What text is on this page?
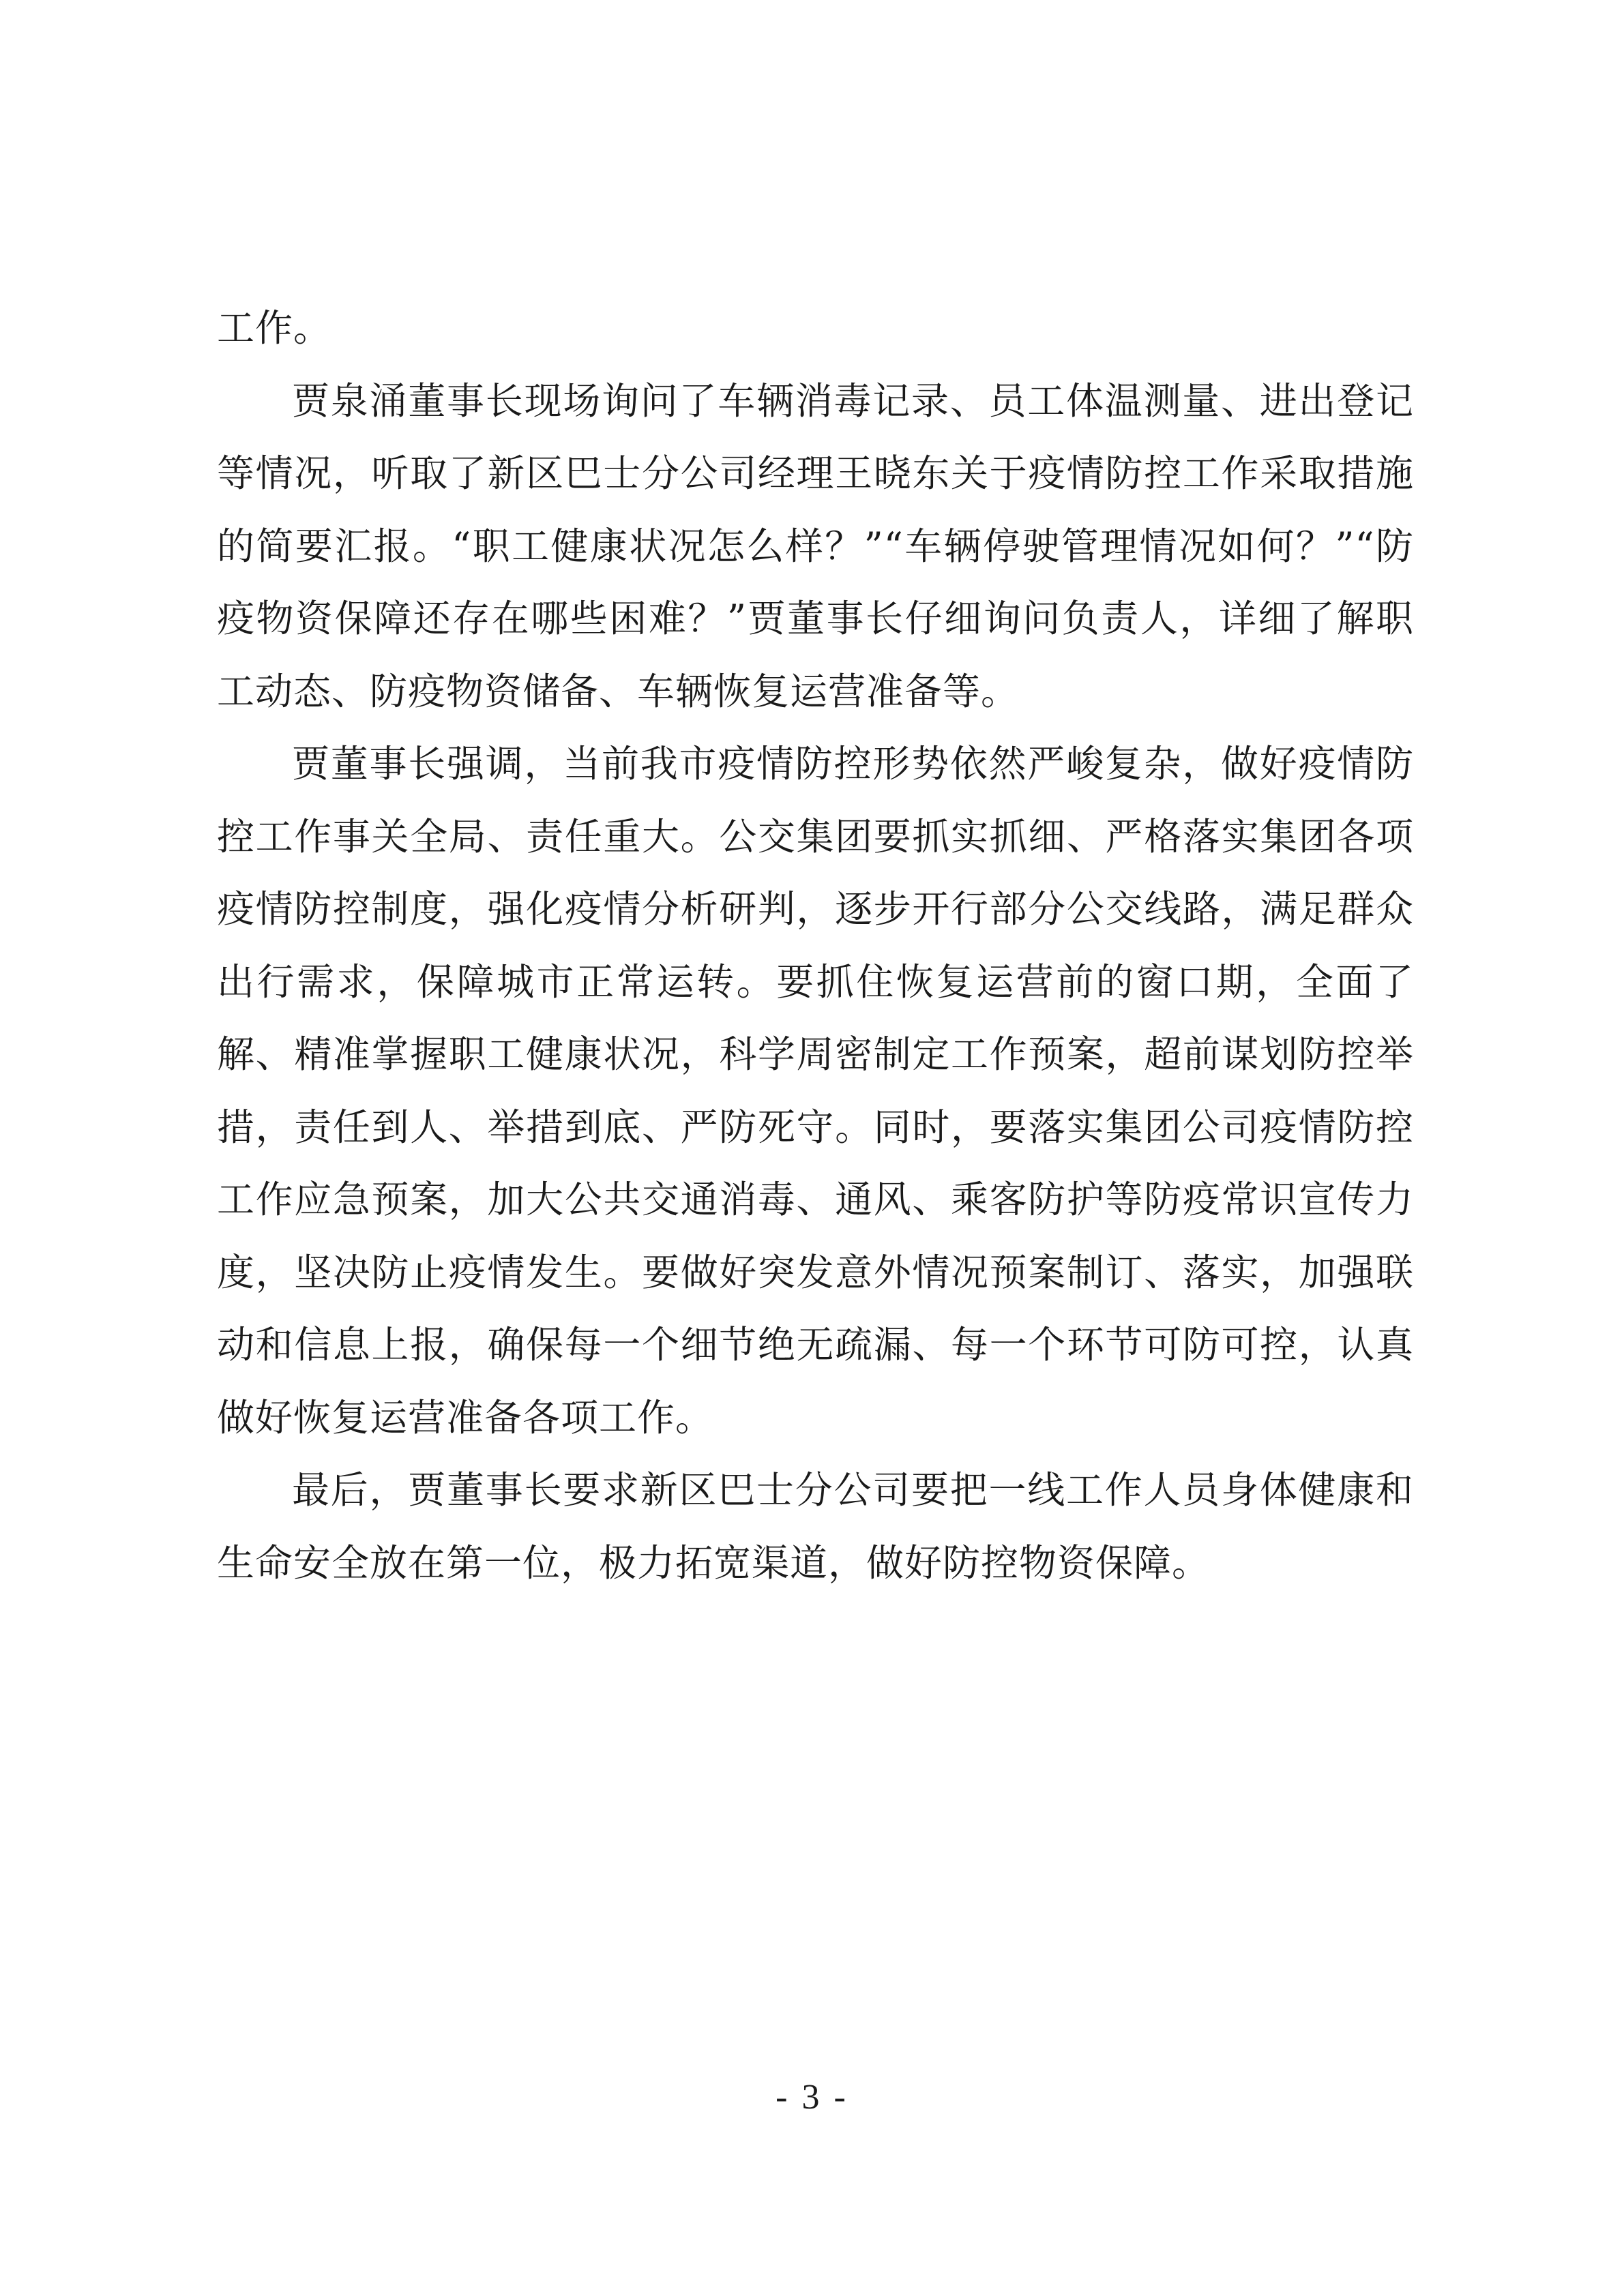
工作。

贾泉涌董事长现场询问了车辆消毒记录、员工体温测量、进出登记等情况，听取了新区巴士分公司经理王晓东关于疫情防控工作采取措施的简要汇报。“职工健康状况怎么样？”“车辆停驶管理情况如何？”“防疫物资保障还存在哪些困难？”贾董事长仔细询问负责人，详细了解职工动态、防疫物资储备、车辆恢复运营准备等。

贾董事长强调，当前我市疫情防控形势依然严峻复杂，做好疫情防控工作事关全局、责任重大。公交集团要抓实抓细、严格落实集团各项疫情防控制度，强化疫情分析研判，逐步开行部分公交线路，满足群众出行需求，保障城市正常运转。要抓住恢复运营前的窗口期，全面了解、精准掌握职工健康状况，科学周密制定工作预案，超前谋划防控举措，责任到人、举措到底、严防死守。同时，要落实集团公司疫情防控工作应急预案，加大公共交通消毒、通风、乘客防护等防疫常识宣传力度，坚决防止疫情发生。要做好突发意外情况预案制订、落实，加强联动和信息上报，确保每一个细节绝无疏漏、每一个环节可防可控，认真做好恢复运营准备各项工作。

最后，贾董事长要求新区巴士分公司要把一线工作人员身体健康和生命安全放在第一位，极力拓宽渠道，做好防控物资保障。

- 3 -
